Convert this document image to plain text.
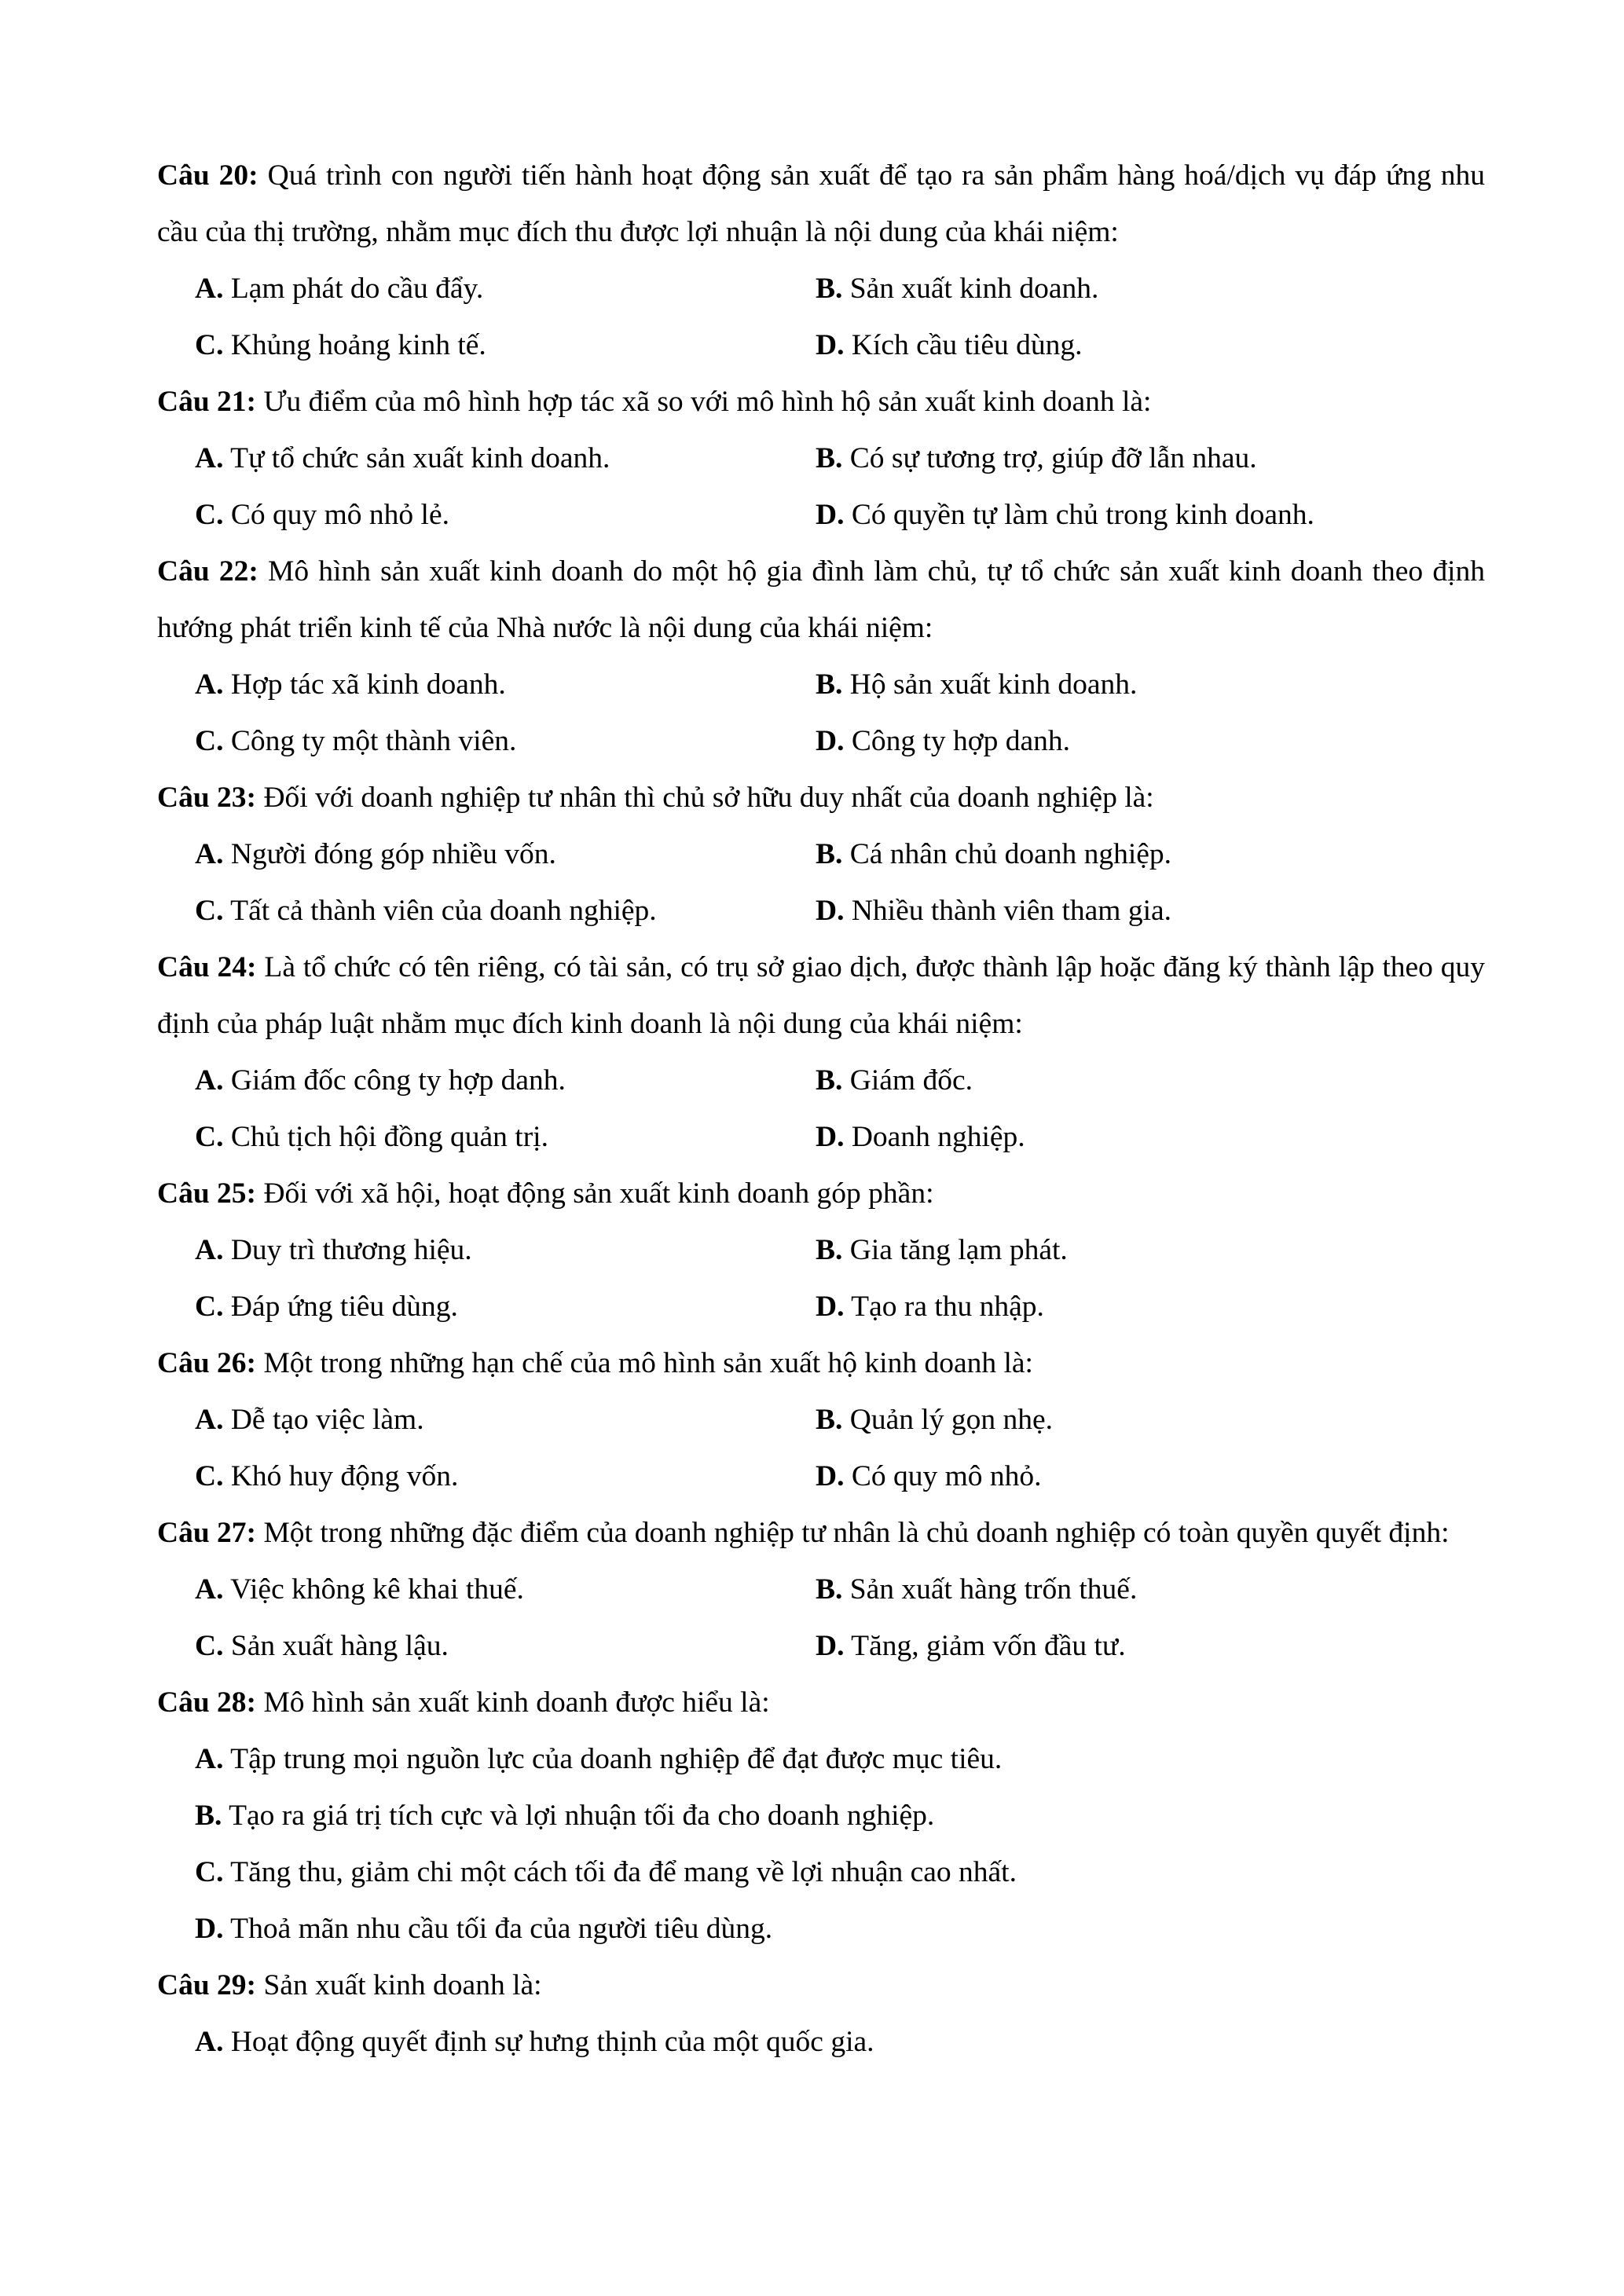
Câu 20: Quá trình con người tiến hành hoạt động sản xuất để tạo ra sản phẩm hàng hoá/dịch vụ đáp ứng nhu cầu của thị trường, nhằm mục đích thu được lợi nhuận là nội dung của khái niệm:
A. Lạm phát do cầu đẩy.	B. Sản xuất kinh doanh.
C. Khủng hoảng kinh tế.	D. Kích cầu tiêu dùng.
Câu 21: Ưu điểm của mô hình hợp tác xã so với mô hình hộ sản xuất kinh doanh là:
A. Tự tổ chức sản xuất kinh doanh.	B. Có sự tương trợ, giúp đỡ lẫn nhau.
C. Có quy mô nhỏ lẻ.	D. Có quyền tự làm chủ trong kinh doanh.
Câu 22: Mô hình sản xuất kinh doanh do một hộ gia đình làm chủ, tự tổ chức sản xuất kinh doanh theo định hướng phát triển kinh tế của Nhà nước là nội dung của khái niệm:
A. Hợp tác xã kinh doanh.	B. Hộ sản xuất kinh doanh.
C. Công ty một thành viên.	D. Công ty hợp danh.
Câu 23: Đối với doanh nghiệp tư nhân thì chủ sở hữu duy nhất của doanh nghiệp là:
A. Người đóng góp nhiều vốn.	B. Cá nhân chủ doanh nghiệp.
C. Tất cả thành viên của doanh nghiệp.	D. Nhiều thành viên tham gia.
Câu 24: Là tổ chức có tên riêng, có tài sản, có trụ sở giao dịch, được thành lập hoặc đăng ký thành lập theo quy định của pháp luật nhằm mục đích kinh doanh là nội dung của khái niệm:
A. Giám đốc công ty hợp danh.	B. Giám đốc.
C. Chủ tịch hội đồng quản trị.	D. Doanh nghiệp.
Câu 25: Đối với xã hội, hoạt động sản xuất kinh doanh góp phần:
A. Duy trì thương hiệu.	B. Gia tăng lạm phát.
C. Đáp ứng tiêu dùng.	D. Tạo ra thu nhập.
Câu 26: Một trong những hạn chế của mô hình sản xuất hộ kinh doanh là:
A. Dễ tạo việc làm.	B. Quản lý gọn nhẹ.
C. Khó huy động vốn.	D. Có quy mô nhỏ.
Câu 27: Một trong những đặc điểm của doanh nghiệp tư nhân là chủ doanh nghiệp có toàn quyền quyết định:
A. Việc không kê khai thuế.	B. Sản xuất hàng trốn thuế.
C. Sản xuất hàng lậu.	D. Tăng, giảm vốn đầu tư.
Câu 28: Mô hình sản xuất kinh doanh được hiểu là:
A. Tập trung mọi nguồn lực của doanh nghiệp để đạt được mục tiêu.
B. Tạo ra giá trị tích cực và lợi nhuận tối đa cho doanh nghiệp.
C. Tăng thu, giảm chi một cách tối đa để mang về lợi nhuận cao nhất.
D. Thoả mãn nhu cầu tối đa của người tiêu dùng.
Câu 29: Sản xuất kinh doanh là:
A. Hoạt động quyết định sự hưng thịnh của một quốc gia.
